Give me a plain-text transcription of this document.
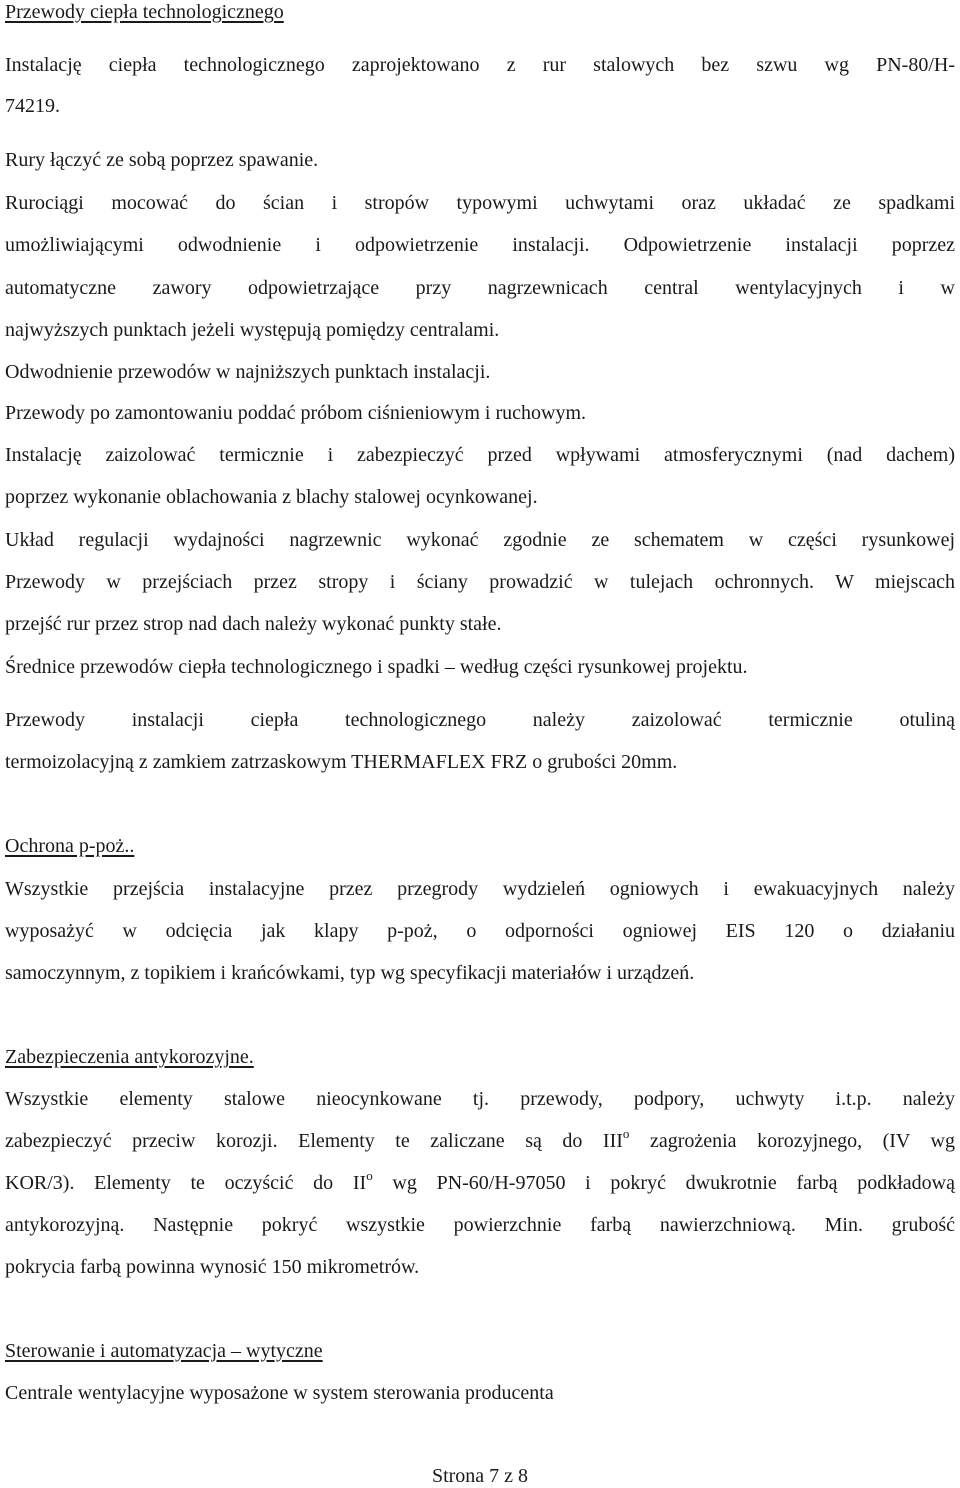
Przewody ciepła technologicznego
Instalację ciepła technologicznego zaprojektowano z rur stalowych bez szwu wg PN-80/H-
74219.
Rury łączyć ze sobą poprzez spawanie.
Rurociągi mocować do ścian i stropów typowymi uchwytami oraz układać ze spadkami
umożliwiającymi odwodnienie i odpowietrzenie instalacji. Odpowietrzenie instalacji poprzez
automatyczne zawory odpowietrzające przy nagrzewnicach central wentylacyjnych i w
najwyższych punktach jeżeli występują pomiędzy centralami.
Odwodnienie przewodów w najniższych punktach instalacji.
Przewody po zamontowaniu poddać próbom ciśnieniowym i ruchowym.
Instalację zaizolować termicznie i zabezpieczyć przed wpływami atmosferycznymi (nad dachem)
poprzez wykonanie oblachowania z blachy stalowej ocynkowanej.
Układ regulacji wydajności nagrzewnic wykonać zgodnie ze schematem w części rysunkowej
Przewody w przejściach przez stropy i ściany prowadzić w tulejach ochronnych. W miejscach
przejść rur przez strop nad dach należy wykonać punkty stałe.
Średnice przewodów ciepła technologicznego i spadki – według części rysunkowej projektu.
Przewody instalacji ciepła technologicznego należy zaizolować termicznie otuliną
termoizolacyjną z zamkiem zatrzaskowym THERMAFLEX FRZ o grubości 20mm.
Ochrona p-poż..
Wszystkie przejścia instalacyjne przez przegrody wydzieleń ogniowych i ewakuacyjnych należy
wyposażyć w odcięcia jak klapy p-poż, o odporności ogniowej EIS 120 o działaniu
samoczynnym, z topikiem i krańcówkami, typ wg specyfikacji materiałów i urządzeń.
Zabezpieczenia antykorozyjne.
Wszystkie elementy stalowe nieocynkowane tj. przewody, podpory, uchwyty i.t.p. należy
zabezpieczyć przeciw korozji. Elementy te zaliczane są do III$^o$ zagrożenia korozyjnego, (IV wg
KOR/3). Elementy te oczyścić do $II^o$ wg PN-60/H-97050 i pokryć dwukrotnie farbą podkładową
antykorozyjną. Następnie pokryć wszystkie powierzchnie farbą nawierzchniową. Min. grubość
pokrycia farbą powinna wynosić 150 mikrometrów.
Sterowanie i automatyzacja – wytyczne
Centrale wentylacyjne wyposażone w system sterowania producenta
Strona 7 z 8
